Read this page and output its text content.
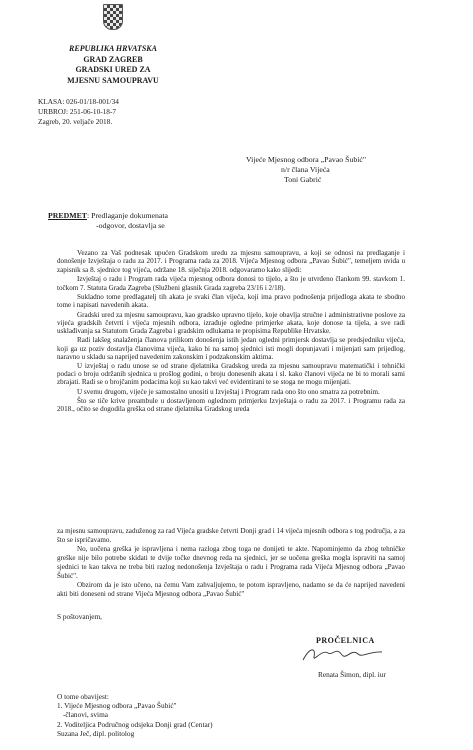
REPUBLIKA HRVATSKA
GRAD ZAGREB
GRADSKI URED ZA
MJESNU SAMOUPRAVU
KLASA: 026-01/18-001/34
URBROJ: 251-06-10-18-7
Zagreb, 20. veljače 2018.
Vijeće Mjesnog odbora „Pavao Šubić"
n/r člana Vijeća
Toni Gabrić
PREDMET: Predlaganje dokumenata
-odgovor, dostavlja se

Vezano za Vaš podnesak upućen Gradskom uredu za mjesnu samoupravu, a koji se odnosi na predlaganje i donošenje Izvještaja o radu za 2017. i Programa rada za 2018. Vijeća Mjesnog odbora „Pavao Šubić", temeljem uvida u zapisnik sa 8. sjednice tog vijeća, održane 18. siječnja 2018. odgovaramo kako slijedi:

Izvještaj o radu i Program rada vijeća mjesnog odbora donosi to tijelo, a što je utvrđeno člankom 99. stavkom 1. točkom 7. Statuta Grada Zagreba (Službeni glasnik Grada zagreba 23/16 i 2/18).

Sukladno tome predlagatelj tih akata je svaki član vijeća, koji ima pravo podnošenja prijedloga akata te sbodno tome i napisati navedenih akata.

Gradski ured za mjesnu samoupravu, kao gradsko upravno tijelo, koje obavlja stručne i administrativne poslove za vijeća gradskih četvrti i vijeća mjesnih odbora, izrađuje oglednе primjerke akata, koje donose ta tijela, a sve radi usklađivanja sa Statutom Grada Zagreba i gradskim odlukama te propisima Republike Hrvatske.

Radi lakšeg snalaženja članova prilikom donošenja istih jedan ogledni primjersk dostavlja se predsjedniku vijeća, koji ga uz poziv dostavlja članovima vijeća, kako bi na samoj sjednici isti mogli dopunjavati i mijenjati sam prijedlog, naravno u skladu sa naprijed navedenim zakonskim i podzakonskim aktima.

U izvještaj o radu unose se od strane djelatnika Gradskog ureda za mjesnu samoupravu matematički i tehnički podaci o broju održanih sjednica u prošlog godini, o broju donesenih akata i sl. kako članovi vijeća ne bi to morali sami zbrajati. Radi se o brojčanim podacima koji su kao takvi već evidentirani te se stoga ne mogu mijenjati.

U svemu drugom, vijeće je samostalno unositi u Izvještaj i Program rada ono što ono smatra za potrebnim.

Što se tiče krive preambule u dostavljenom oglednom primjerku Izvještaja o radu za 2017. i Programu rada za 2018., očito se dogodila greška od strane djelatnika Gradskog ureda

za mjesnu samoupravu, zaduženog za rad Vijeća gradske četvrti Donji grad i 14 vijeća mjesnih odbora s tog područja, a za što se ispričavamo.

No, uočena greška je ispravljena i nema razloga zbog toga ne donijeti te akte. Napominjemo da zbog tehničke greške nije bilo potrebe skidati te dvije točke dnevnog reda na sjednici, jer se uočena greška mogla ispraviti na samoj sjednici te kao takva ne treba biti razlog nedonošenja Izvještaja o radu i Programa rada Vijeća Mjesnog odbora „Pavao Šubić".

Obzirom da je isto učeno, na čemu Vam zahvaljujemo, te potom ispravljeno, nadamo se da će naprijed navedeni akti biti doneseni od strane Vijeća Mjesnog odbora „Pavao Šubić"

S poštovanjem,
PROČELNICA
Renata Šimon, dipl. iur
O tome obavijest:
1. Vijeće Mjesnog odbora „Pavao Šubić"
-članovi, svima
2. Voditeljica Područnog odsjeka Donji grad (Centar)
Suzana Ječ, dipl. politolog
